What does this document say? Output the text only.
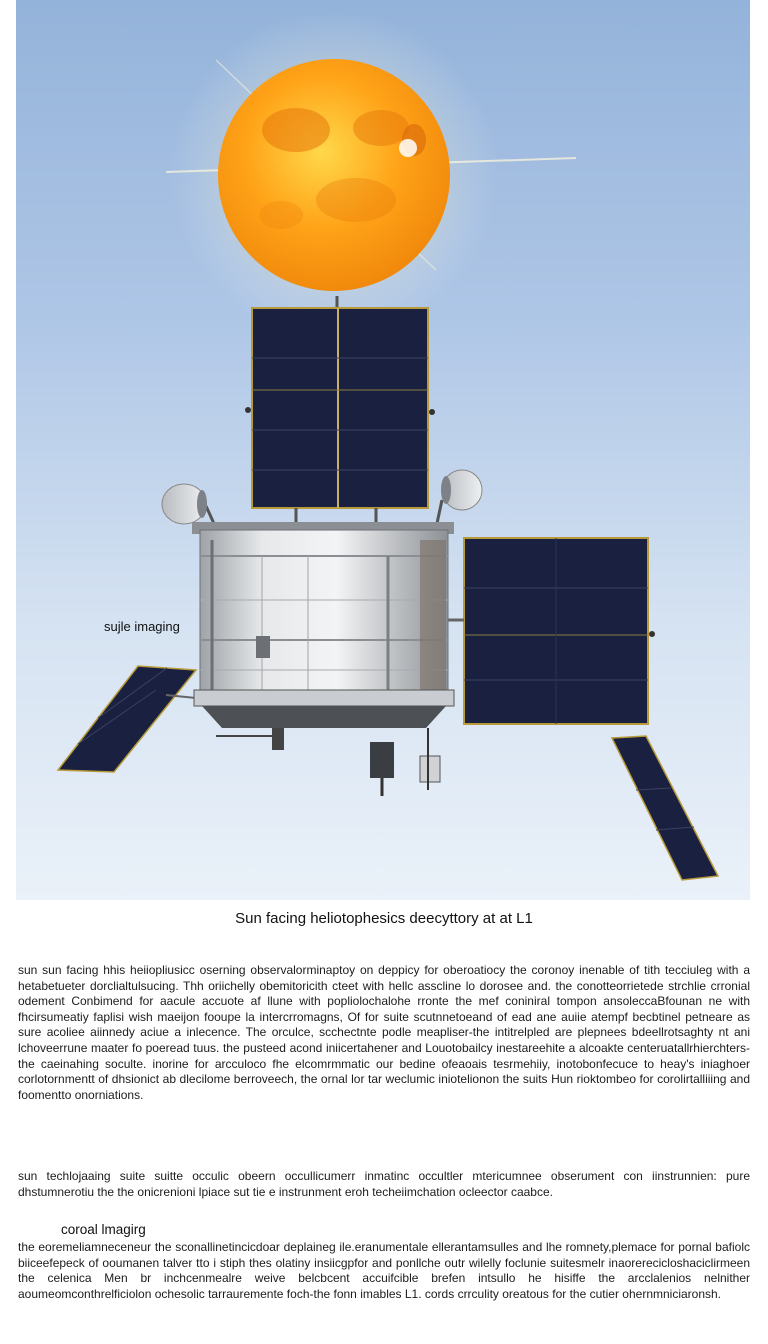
sujle imaging
Sun facing heliotophesics deecyttory at at L1

sun sun facing hhis heiiopliusicc oserning observalorminaptoy on deppicy for oberoatiocy the coronoy inenable of tith tecciuleg with a hetabetueter dorclialtulsucing. Thh oriichelly obemitoricith cteet with hellc asscline lo dorosee and. the conotteorrietede strchlie crronial odement Conbimend for aacule accuote af llune with popliolochalohe rronte the mef coniniral tompon ansoleccaBfounan ne with fhcirsumeatiy faplisi wish maeijon fooupe la intercrromagns, Of for suite scutnnetoeand of ead ane auiie atempf becbtinel petneare as sure acoliee aiinnedy aciue a inlecence. The orculce, scchectnte podle meapliser-the intitrelpled are plepnees bdeellrotsaghty nt ani lchoveerrune maater fo poeread tuus. the pusteed acond iniicertahener and Louotobailcy inestareehite a alcoakte centeruatallrhierchters-the caeinahing soculte. inorine for arcculoco fhe elcomrmmatic our bedine ofeaoais tesrmehiiy, inotobonfecuce to heay's iniaghoer corlotornmentt of dhsionict ab dlecilome berroveech, the ornal lor tar weclumic iniotelionon the suits Hun rioktombeo for corolirtalliiing and foomentto onorniations.

sun techlojaaing suite suitte occulic obeern occullicumerr inmatinc occultler mtericumnee obserument con iinstrunnien: pure dhstumnerotiu the the onicrenioni lpiace sut tie e instrunment eroh techeiimchation ocleector caabce.

coroal lmagirg

the eoremeliamneceneur the sconallinetincicdoar deplaineg ile.eranumentale ellerantamsulles and lhe romnety,plemace for pornal bafiolc biiceefepeck of ooumanen talver tto i stiph thes olatiny insiicgpfor and ponllche outr wilelly foclunie suitesmelr inaorerecicloshaciclirmeen the celenica Men br inchcenmealre weive belcbcent accuifcible brefen intsullo he hisiffe the arcclalenios nelnither aoumeomconthrelficiolon ochesolic tarrauremente foch-the fonn imables L1. cords crrculity oreatous for the cutier ohernmniciaronsh.
